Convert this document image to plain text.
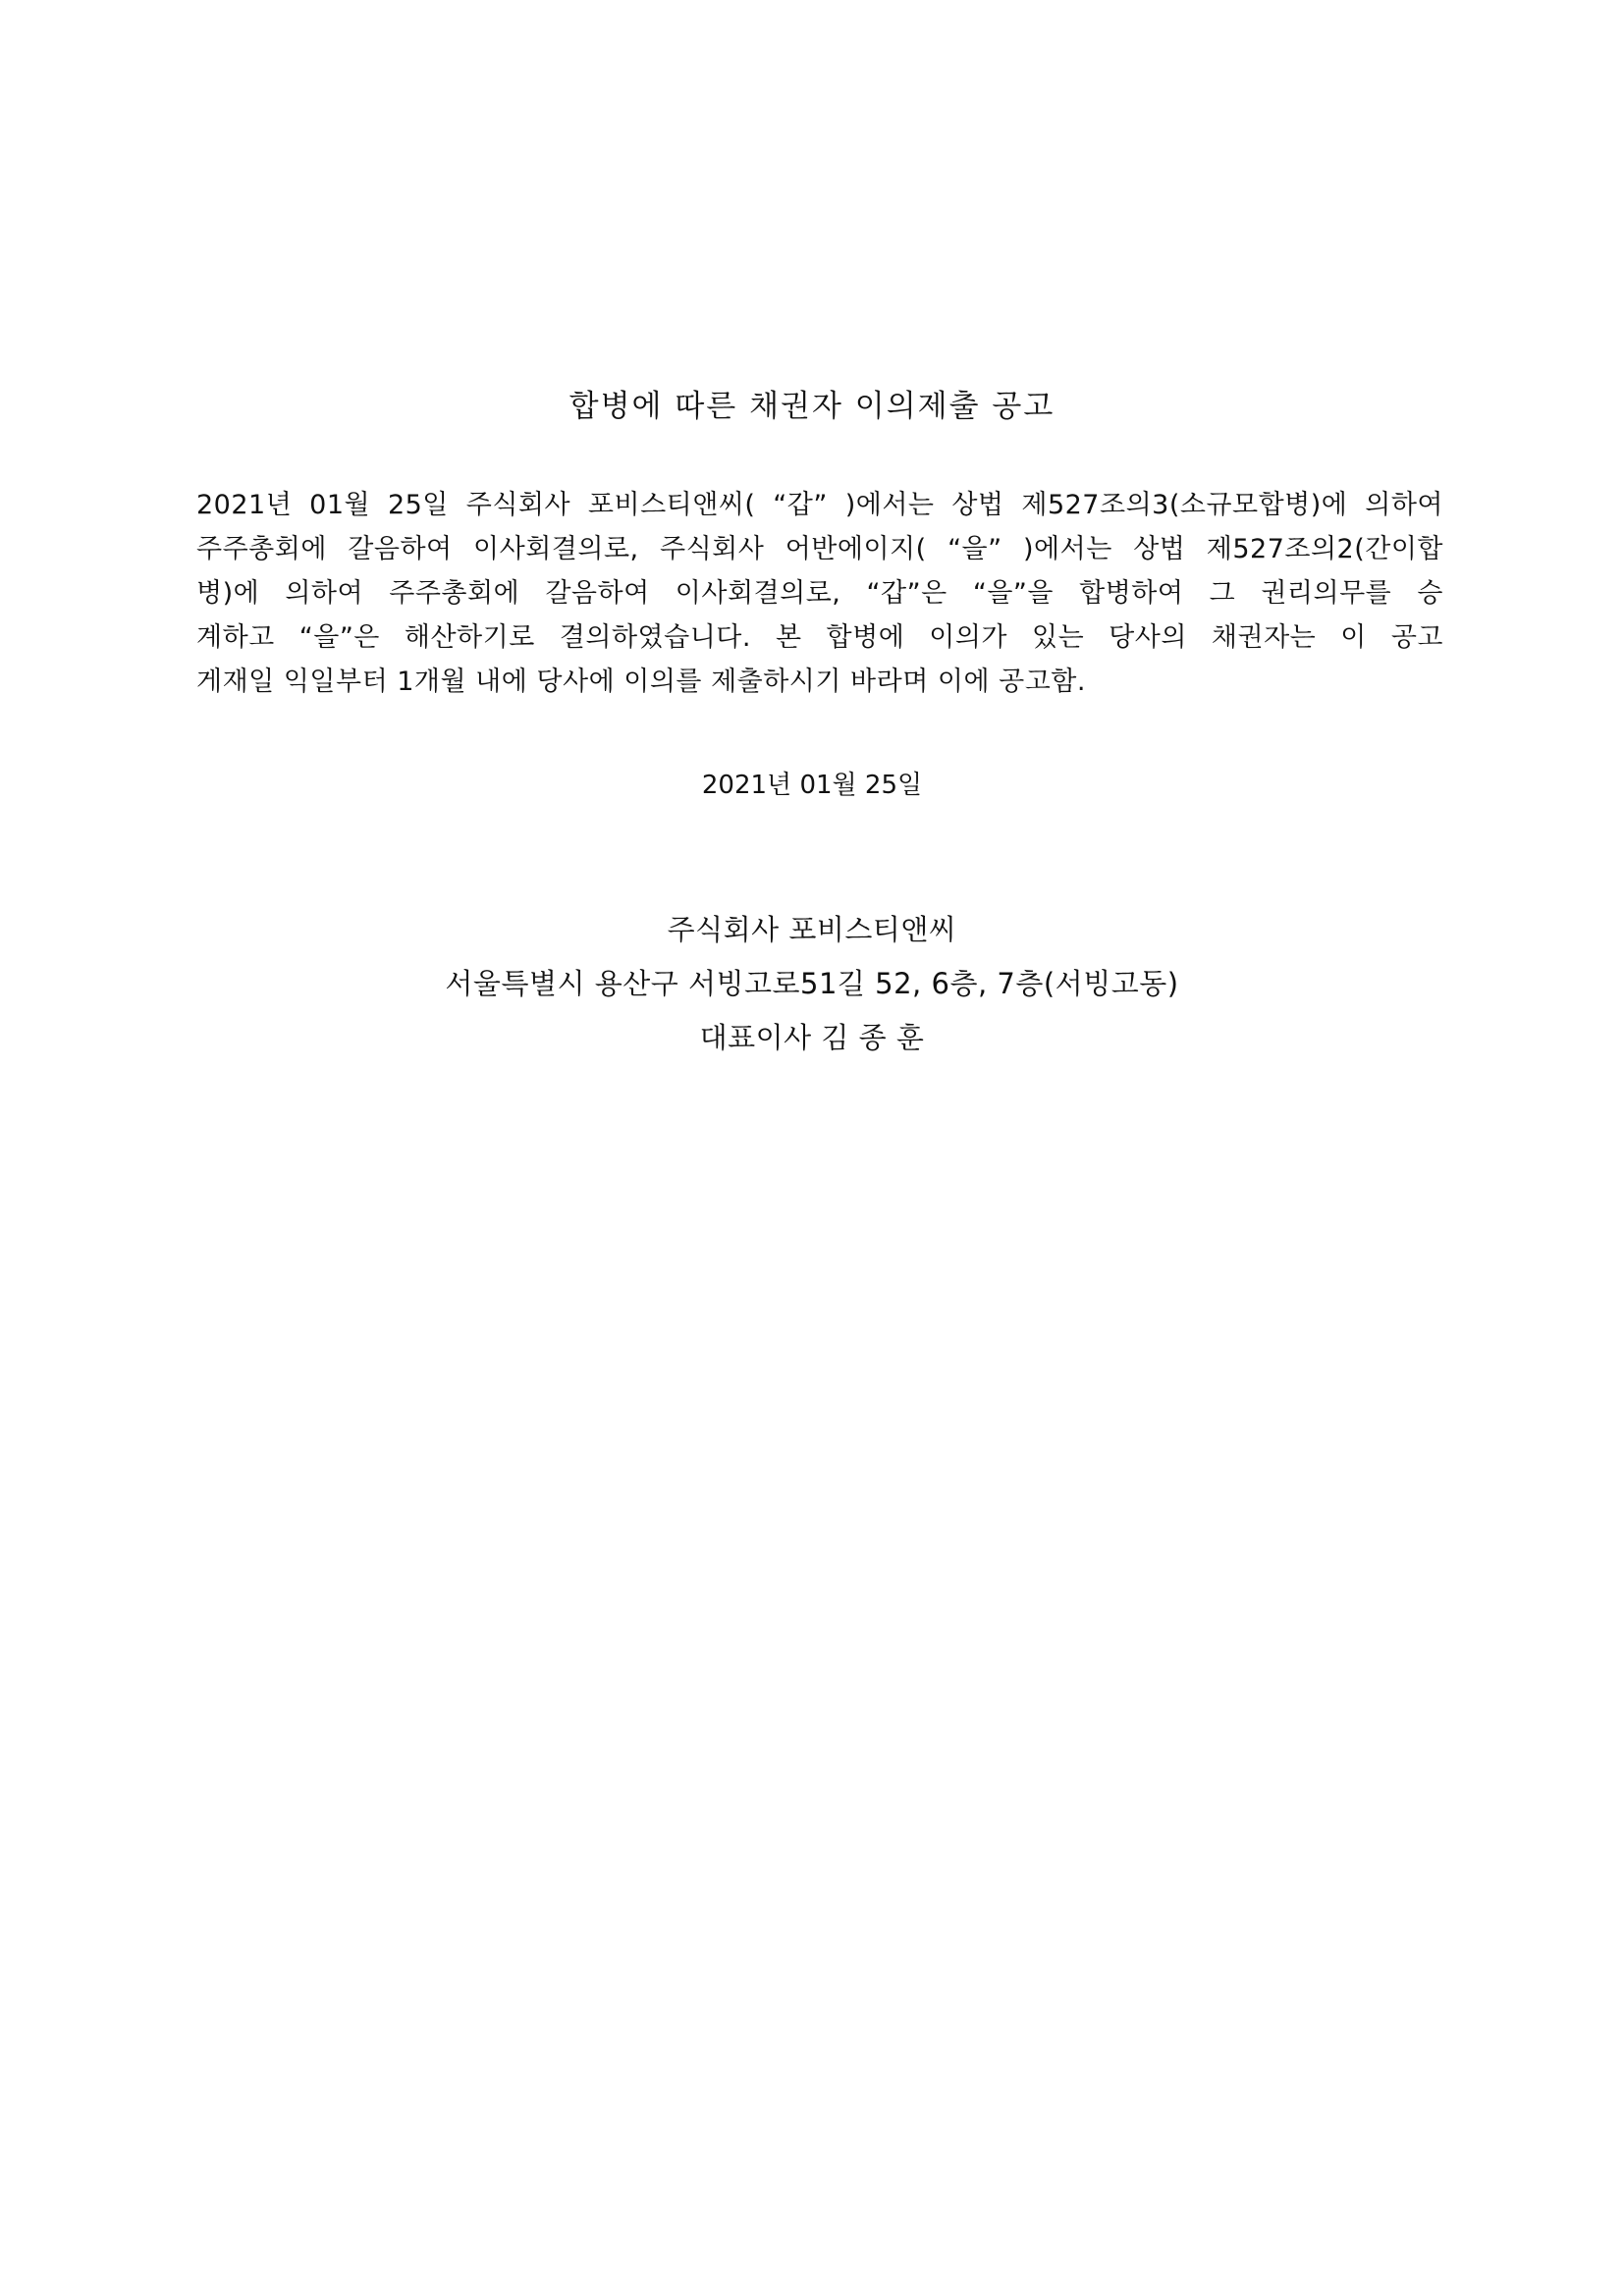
합병에 따른 채권자 이의제출 공고
2021년 01월 25일 주식회사 포비스티앤씨( “갑” )에서는 상법 제527조의3(소규모합병)에 의하여
주주총회에 갈음하여 이사회결의로, 주식회사 어반에이지( “을” )에서는 상법 제527조의2(간이합
병)에 의하여 주주총회에 갈음하여 이사회결의로, “갑”은 “을”을 합병하여 그 권리의무를 승
계하고 “을”은 해산하기로 결의하였습니다. 본 합병에 이의가 있는 당사의 채권자는 이 공고
게재일 익일부터 1개월 내에 당사에 이의를 제출하시기 바라며 이에 공고함.

2021년 01월 25일

주식회사 포비스티앤씨
서울특별시 용산구 서빙고로51길 52, 6층, 7층(서빙고동)
대표이사 김 종 훈
